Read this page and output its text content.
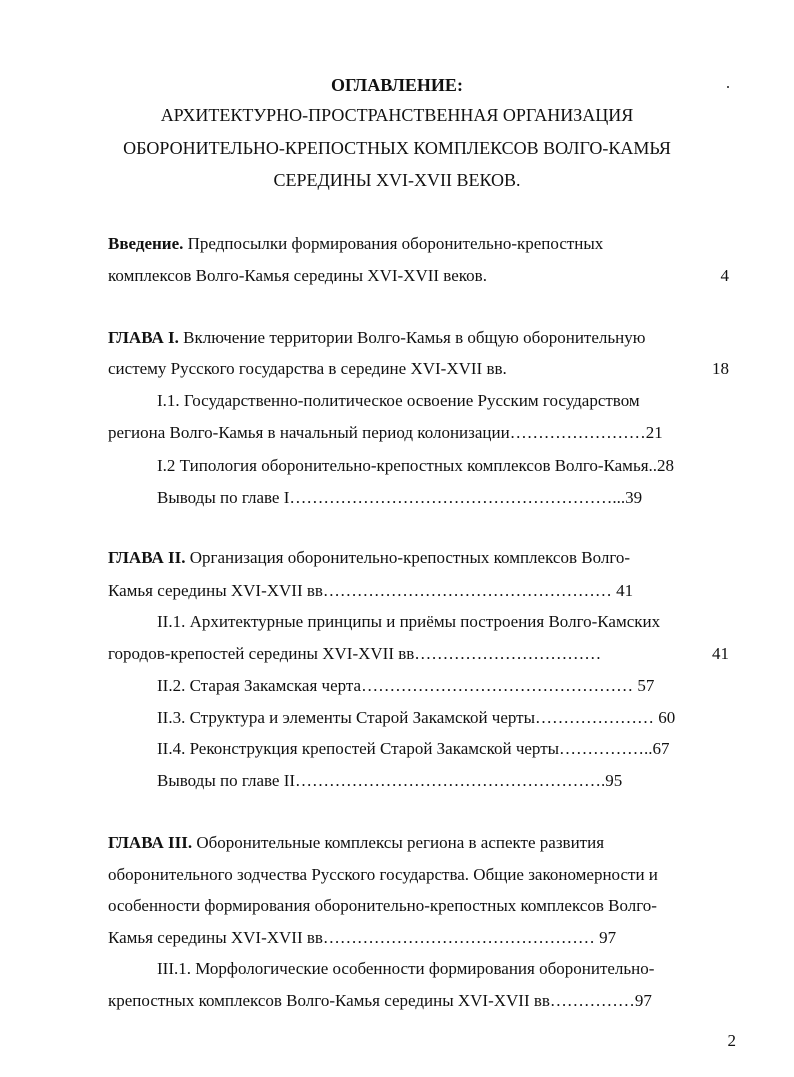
ОГЛАВЛЕНИЕ:
АРХИТЕКТУРНО-ПРОСТРАНСТВЕННАЯ ОРГАНИЗАЦИЯ
ОБОРОНИТЕЛЬНО-КРЕПОСТНЫХ КОМПЛЕКСОВ ВОЛГО-КАМЬЯ
СЕРЕДИНЫ XVI-XVII ВЕКОВ.
Введение. Предпосылки формирования оборонительно-крепостных
комплексов Волго-Камья середины XVI-XVII веков.	4
ГЛАВА I. Включение территории Волго-Камья в общую оборонительную
систему Русского государства в середине XVI-XVII вв.	18
I.1. Государственно-политическое освоение Русским государством
региона Волго-Камья в начальный период колонизации……………………21
I.2 Типология оборонительно-крепостных комплексов Волго-Камья..28
Выводы по главе I…………………………………………………...39
ГЛАВА II. Организация оборонительно-крепостных комплексов Волго-
Камья середины XVI-XVII вв…………………………………………… 41
II.1. Архитектурные принципы и приёмы построения Волго-Камских
городов-крепостей середины XVI-XVII вв……………………………	41
II.2. Старая Закамская черта………………………………………… 57
II.3. Структура и элементы Старой Закамской черты………………… 60
II.4. Реконструкция крепостей Старой Закамской черты……………..67
Выводы по главе II……………………………………………….95
ГЛАВА III. Оборонительные комплексы региона в аспекте развития
оборонительного зодчества Русского государства. Общие закономерности и
особенности формирования оборонительно-крепостных комплексов Волго-
Камья середины XVI-XVII вв………………………………………… 97
III.1. Морфологические особенности формирования оборонительно-
крепостных комплексов Волго-Камья середины XVI-XVII вв……………97
2
